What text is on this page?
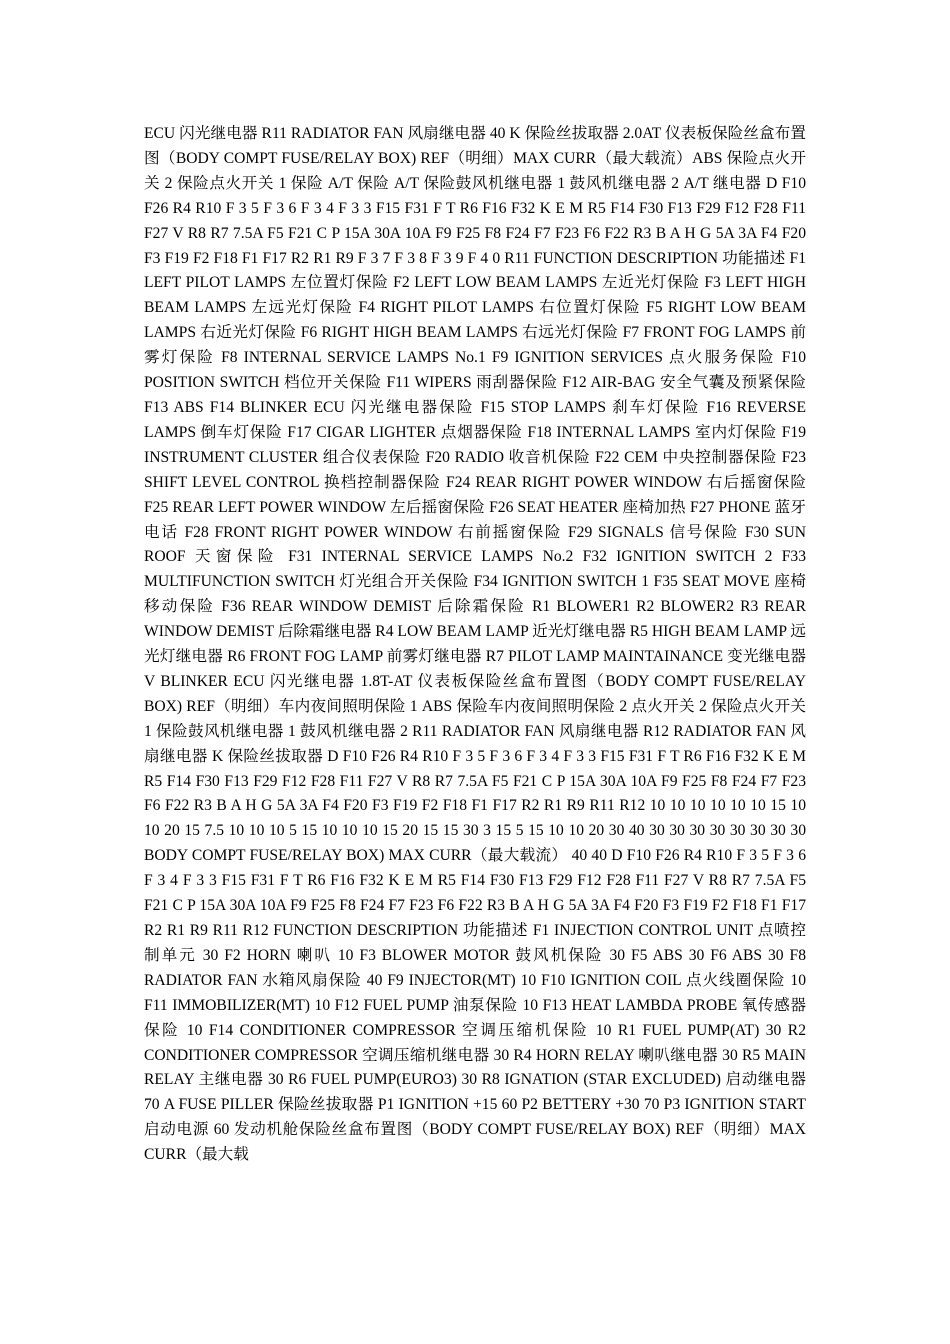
ECU 闪光继电器 R11 RADIATOR FAN 风扇继电器 40 K 保险丝拔取器 2.0AT 仪表板保险丝盒布置图（BODY COMPT FUSE/RELAY BOX) REF（明细）MAX CURR（最大载流）ABS 保险点火开关 2 保险点火开关 1 保险 A/T 保险 A/T 保险鼓风机继电器 1 鼓风机继电器 2 A/T 继电器 D F10 F26 R4 R10 F 3 5 F 3 6 F 3 4 F 3 3 F15 F31 F T R6 F16 F32 K E M R5 F14 F30 F13 F29 F12 F28 F11 F27 V R8 R7 7.5A F5 F21 C P 15A 30A 10A F9 F25 F8 F24 F7 F23 F6 F22 R3 B A H G 5A 3A F4 F20 F3 F19 F2 F18 F1 F17 R2 R1 R9 F 3 7 F 3 8 F 3 9 F 4 0 R11 FUNCTION DESCRIPTION 功能描述 F1 LEFT PILOT LAMPS 左位置灯保险 F2 LEFT LOW BEAM LAMPS 左近光灯保险 F3 LEFT HIGH BEAM LAMPS 左远光灯保险 F4 RIGHT PILOT LAMPS 右位置灯保险 F5 RIGHT LOW BEAM LAMPS 右近光灯保险 F6 RIGHT HIGH BEAM LAMPS 右远光灯保险 F7 FRONT FOG LAMPS 前雾灯保险 F8 INTERNAL SERVICE LAMPS No.1 F9 IGNITION SERVICES 点火服务保险 F10 POSITION SWITCH 档位开关保险 F11 WIPERS 雨刮器保险 F12 AIR-BAG 安全气囊及预紧保险 F13 ABS F14 BLINKER ECU 闪光继电器保险 F15 STOP LAMPS 刹车灯保险 F16 REVERSE LAMPS 倒车灯保险 F17 CIGAR LIGHTER 点烟器保险 F18 INTERNAL LAMPS 室内灯保险 F19 INSTRUMENT CLUSTER 组合仪表保险 F20 RADIO 收音机保险 F22 CEM 中央控制器保险 F23 SHIFT LEVEL CONTROL 换档控制器保险 F24 REAR RIGHT POWER WINDOW 右后摇窗保险 F25 REAR LEFT POWER WINDOW 左后摇窗保险 F26 SEAT HEATER 座椅加热 F27 PHONE 蓝牙电话 F28 FRONT RIGHT POWER WINDOW 右前摇窗保险 F29 SIGNALS 信号保险 F30 SUN ROOF 天窗保险 F31 INTERNAL SERVICE LAMPS No.2 F32 IGNITION SWITCH 2 F33 MULTIFUNCTION SWITCH 灯光组合开关保险 F34 IGNITION SWITCH 1 F35 SEAT MOVE 座椅移动保险 F36 REAR WINDOW DEMIST 后除霜保险 R1 BLOWER1 R2 BLOWER2 R3 REAR WINDOW DEMIST 后除霜继电器 R4 LOW BEAM LAMP 近光灯继电器 R5 HIGH BEAM LAMP 远光灯继电器 R6 FRONT FOG LAMP 前雾灯继电器 R7 PILOT LAMP MAINTAINANCE 变光继电器 V BLINKER ECU 闪光继电器 1.8T-AT 仪表板保险丝盒布置图（BODY COMPT FUSE/RELAY BOX) REF（明细）车内夜间照明保险 1 ABS 保险车内夜间照明保险 2 点火开关 2 保险点火开关 1 保险鼓风机继电器 1 鼓风机继电器 2 R11 RADIATOR FAN 风扇继电器 R12 RADIATOR FAN 风扇继电器 K 保险丝拔取器 D F10 F26 R4 R10 F 3 5 F 3 6 F 3 4 F 3 3 F15 F31 F T R6 F16 F32 K E M R5 F14 F30 F13 F29 F12 F28 F11 F27 V R8 R7 7.5A F5 F21 C P 15A 30A 10A F9 F25 F8 F24 F7 F23 F6 F22 R3 B A H G 5A 3A F4 F20 F3 F19 F2 F18 F1 F17 R2 R1 R9 R11 R12 10 10 10 10 10 10 15 10 10 20 15 7.5 10 10 10 5 15 10 10 10 15 20 15 15 30 3 15 5 15 10 10 20 30 40 30 30 30 30 30 30 30 30 BODY COMPT FUSE/RELAY BOX) MAX CURR（最大载流） 40 40 D F10 F26 R4 R10 F 3 5 F 3 6 F 3 4 F 3 3 F15 F31 F T R6 F16 F32 K E M R5 F14 F30 F13 F29 F12 F28 F11 F27 V R8 R7 7.5A F5 F21 C P 15A 30A 10A F9 F25 F8 F24 F7 F23 F6 F22 R3 B A H G 5A 3A F4 F20 F3 F19 F2 F18 F1 F17 R2 R1 R9 R11 R12 FUNCTION DESCRIPTION 功能描述 F1 INJECTION CONTROL UNIT 点喷控制单元 30 F2 HORN 喇叭 10 F3 BLOWER MOTOR 鼓风机保险 30 F5 ABS 30 F6 ABS 30 F8 RADIATOR FAN 水箱风扇保险 40 F9 INJECTOR(MT) 10 F10 IGNITION COIL 点火线圈保险 10 F11 IMMOBILIZER(MT) 10 F12 FUEL PUMP 油泵保险 10 F13 HEAT LAMBDA PROBE 氧传感器保险 10 F14 CONDITIONER COMPRESSOR 空调压缩机保险 10 R1 FUEL PUMP(AT) 30 R2 CONDITIONER COMPRESSOR 空调压缩机继电器 30 R4 HORN RELAY 喇叭继电器 30 R5 MAIN RELAY 主继电器 30 R6 FUEL PUMP(EURO3) 30 R8 IGNATION (STAR EXCLUDED) 启动继电器 70 A FUSE PILLER 保险丝拔取器 P1 IGNITION +15 60 P2 BETTERY +30 70 P3 IGNITION START 启动电源 60 发动机舱保险丝盒布置图（BODY COMPT FUSE/RELAY BOX) REF（明细）MAX CURR（最大载
